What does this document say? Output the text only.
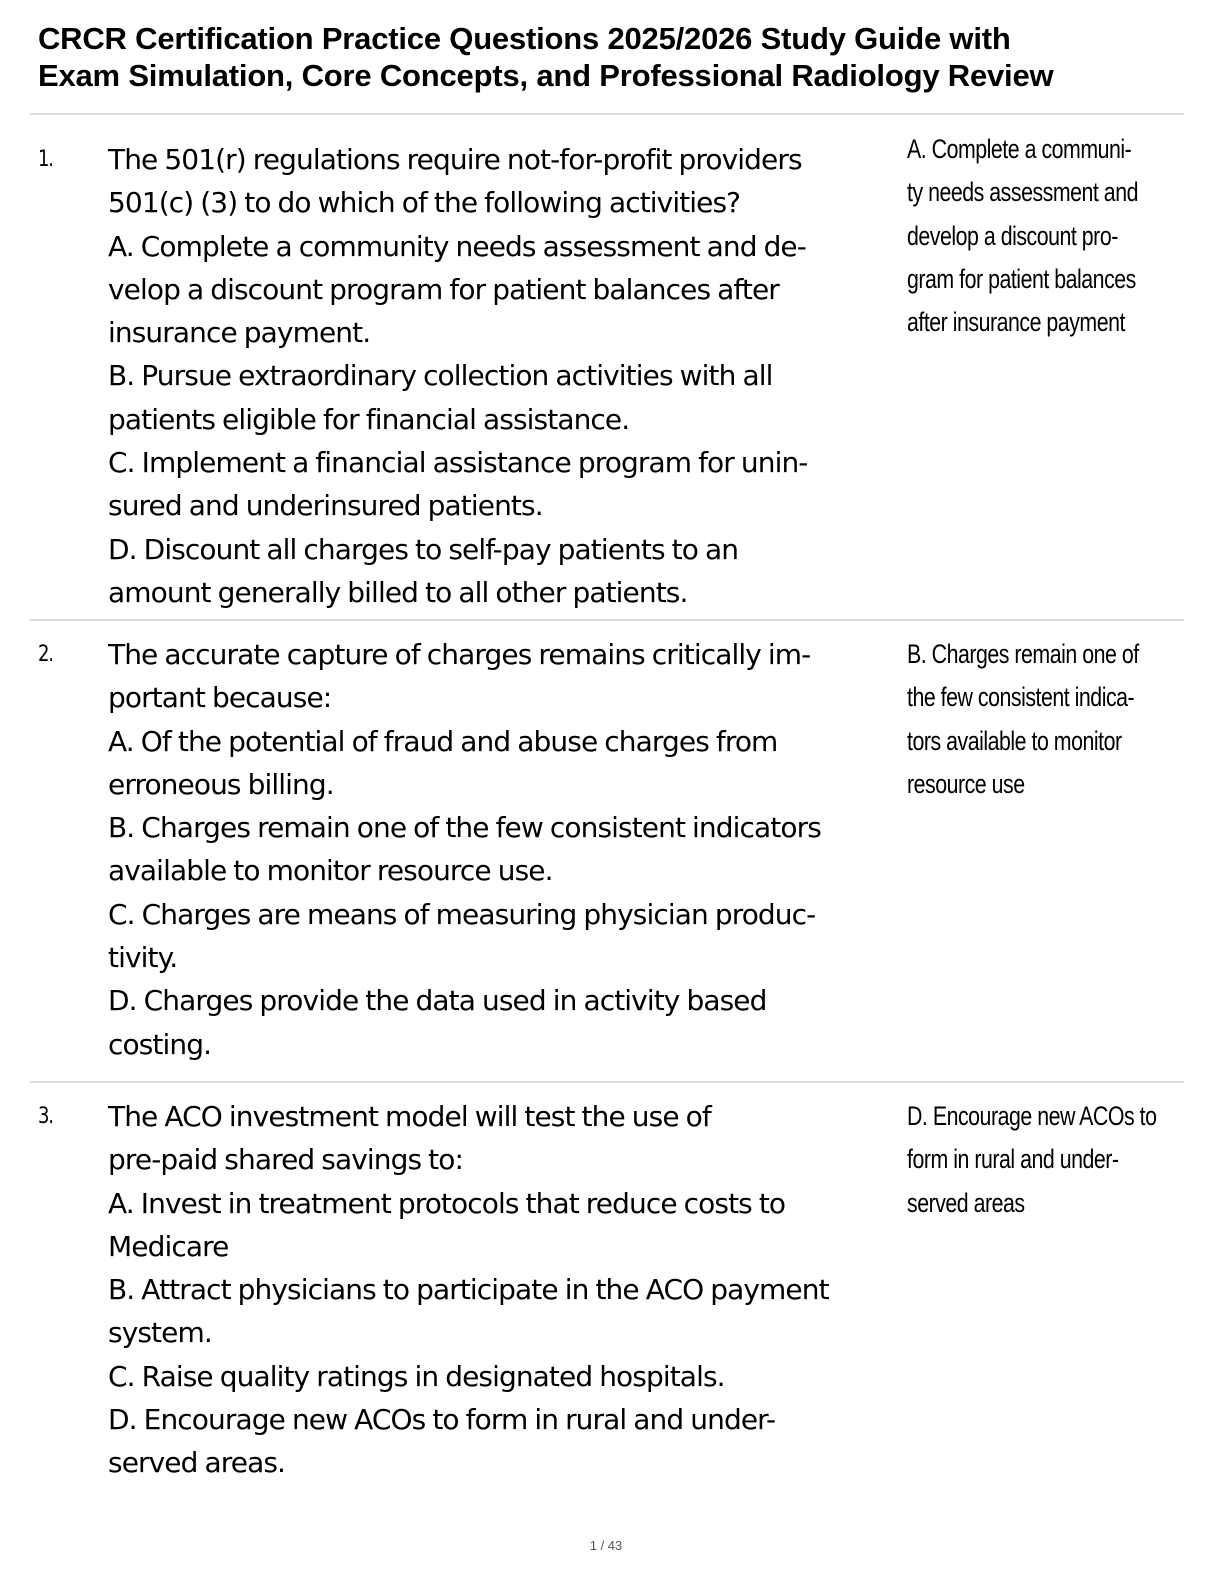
CRCR Certification Practice Questions 2025/2026 Study Guide with
Exam Simulation, Core Concepts, and Professional Radiology Review
1. The 501(r) regulations require not-for-profit providers
501(c) (3) to do which of the following activities?
A. Complete a community needs assessment and de-
velop a discount program for patient balances after
insurance payment.
B. Pursue extraordinary collection activities with all
patients eligible for financial assistance.
C. Implement a financial assistance program for unin-
sured and underinsured patients.
D. Discount all charges to self-pay patients to an
amount generally billed to all other patients.
A. Complete a communi-
ty needs assessment and
develop a discount pro-
gram for patient balances
after insurance payment
2. The accurate capture of charges remains critically im-
portant because:
A. Of the potential of fraud and abuse charges from
erroneous billing.
B. Charges remain one of the few consistent indicators
available to monitor resource use.
C. Charges are means of measuring physician produc-
tivity.
D. Charges provide the data used in activity based
costing.
B. Charges remain one of
the few consistent indica-
tors available to monitor
resource use
3. The ACO investment model will test the use of
pre-paid shared savings to:
A. Invest in treatment protocols that reduce costs to
Medicare
B. Attract physicians to participate in the ACO payment
system.
C. Raise quality ratings in designated hospitals.
D. Encourage new ACOs to form in rural and under-
served areas.
D. Encourage new ACOs to
form in rural and under-
served areas
1 / 43
